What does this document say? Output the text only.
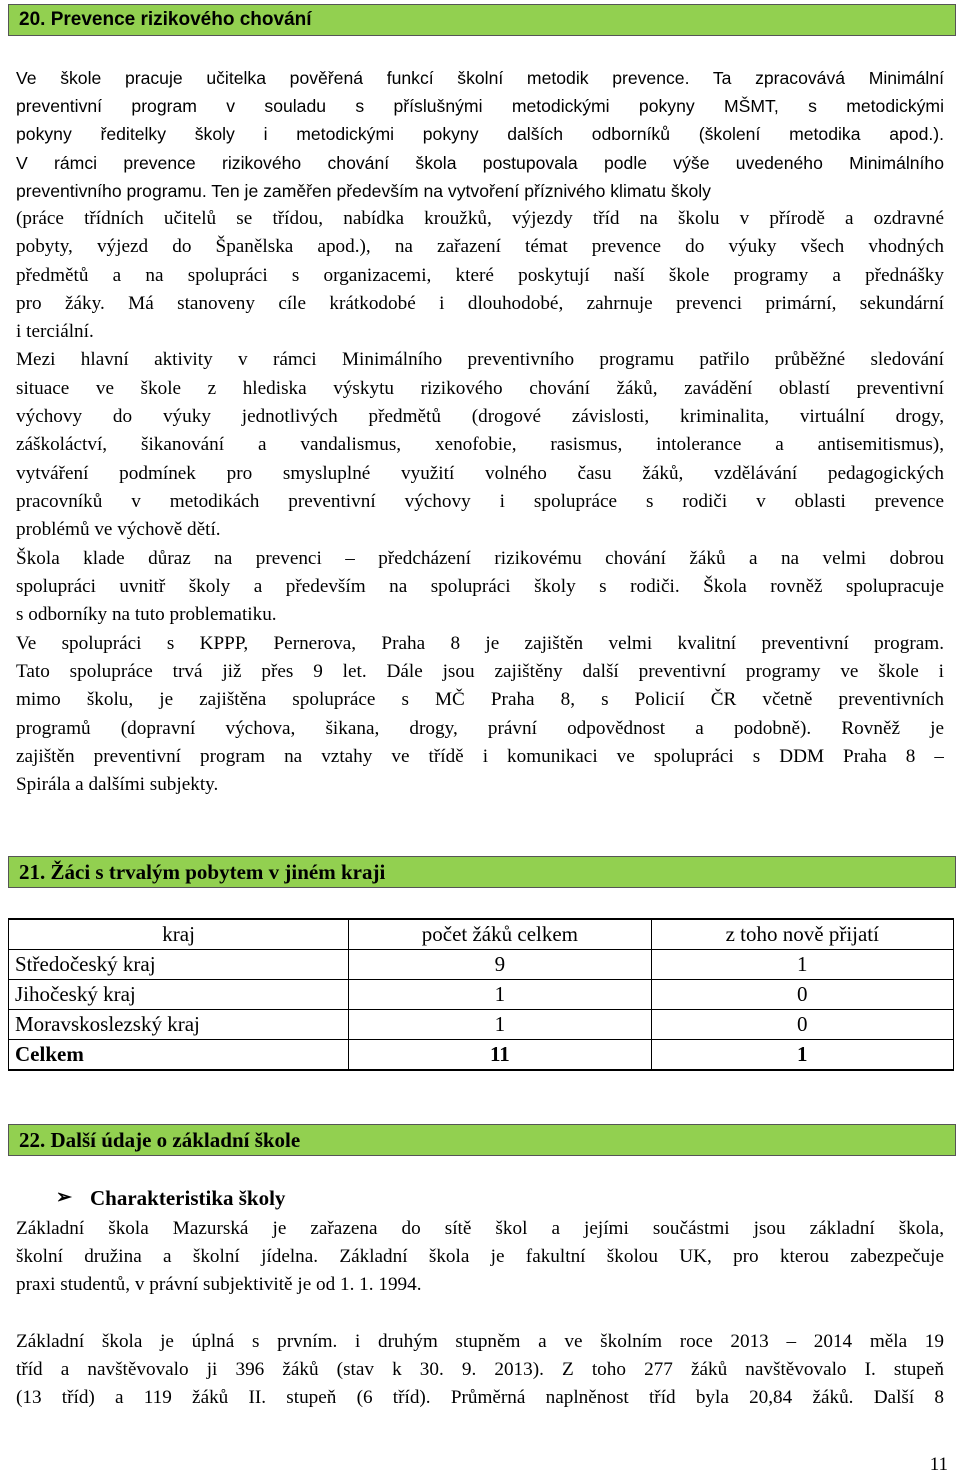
20. Prevence rizikového chování
Ve škole pracuje učitelka pověřená funkcí školní metodik prevence. Ta zpracovává Minimální
preventivní program v souladu s příslušnými metodickými pokyny MŠMT, s metodickými
pokyny ředitelky školy i metodickými pokyny dalších odborníků (školení metodika apod.).
V rámci prevence rizikového chování škola postupovala podle výše uvedeného Minimálního
preventivního programu. Ten je zaměřen především na vytvoření příznivého klimatu školy
(práce třídních učitelů se třídou, nabídka kroužků, výjezdy tříd na školu v přírodě a ozdravné
pobyty, výjezd do Španělska apod.), na zařazení témat prevence do výuky všech vhodných
předmětů a na spolupráci s organizacemi, které poskytují naší škole programy a přednášky
pro žáky. Má stanoveny cíle krátkodobé i dlouhodobé, zahrnuje prevenci primární, sekundární
i terciální.
Mezi hlavní aktivity v rámci Minimálního preventivního programu patřilo průběžné sledování
situace ve škole z hlediska výskytu rizikového chování žáků, zavádění oblastí preventivní
výchovy do výuky jednotlivých předmětů (drogové závislosti, kriminalita, virtuální drogy,
záškoláctví, šikanování a vandalismus, xenofobie, rasismus, intolerance a antisemitismus),
vytváření podmínek pro smysluplné využití volného času žáků, vzdělávání pedagogických
pracovníků v metodikách preventivní výchovy i spolupráce s rodiči v oblasti prevence
problémů ve výchově dětí.
Škola klade důraz na prevenci – předcházení rizikovému chování žáků a na velmi dobrou
spolupráci uvnitř školy a především na spolupráci školy s rodiči. Škola rovněž spolupracuje
s odborníky na tuto problematiku.
Ve spolupráci s KPPP, Pernerova, Praha 8 je zajištěn velmi kvalitní preventivní program.
Tato spolupráce trvá již přes 9 let. Dále jsou zajištěny další preventivní programy ve škole i
mimo školu, je zajištěna spolupráce s MČ Praha 8, s Policií ČR včetně preventivních
programů (dopravní výchova, šikana, drogy, právní odpovědnost a podobně). Rovněž je
zajištěn preventivní program na vztahy ve třídě i komunikaci ve spolupráci s DDM Praha 8 –
Spirála a dalšími subjekty.
21. Žáci s trvalým pobytem v jiném kraji
kraj	počet žáků celkem	z toho nově přijatí
Středočeský kraj	9	1
Jihočeský kraj	1	0
Moravskoslezský kraj	1	0
Celkem	11	1
22. Další údaje o základní škole
➢ Charakteristika školy
Základní škola Mazurská je zařazena do sítě škol a jejími součástmi jsou základní škola,
školní družina a školní jídelna. Základní škola je fakultní školou UK, pro kterou zabezpečuje
praxi studentů, v právní subjektivitě je od 1. 1. 1994.
Základní škola je úplná s prvním. i druhým stupněm a ve školním roce 2013 – 2014 měla 19
tříd a navštěvovalo ji 396 žáků (stav k 30. 9. 2013). Z toho 277 žáků navštěvovalo I. stupeň
(13 tříd) a 119 žáků II. stupeň (6 tříd). Průměrná naplněnost tříd byla 20,84 žáků. Další 8
11
